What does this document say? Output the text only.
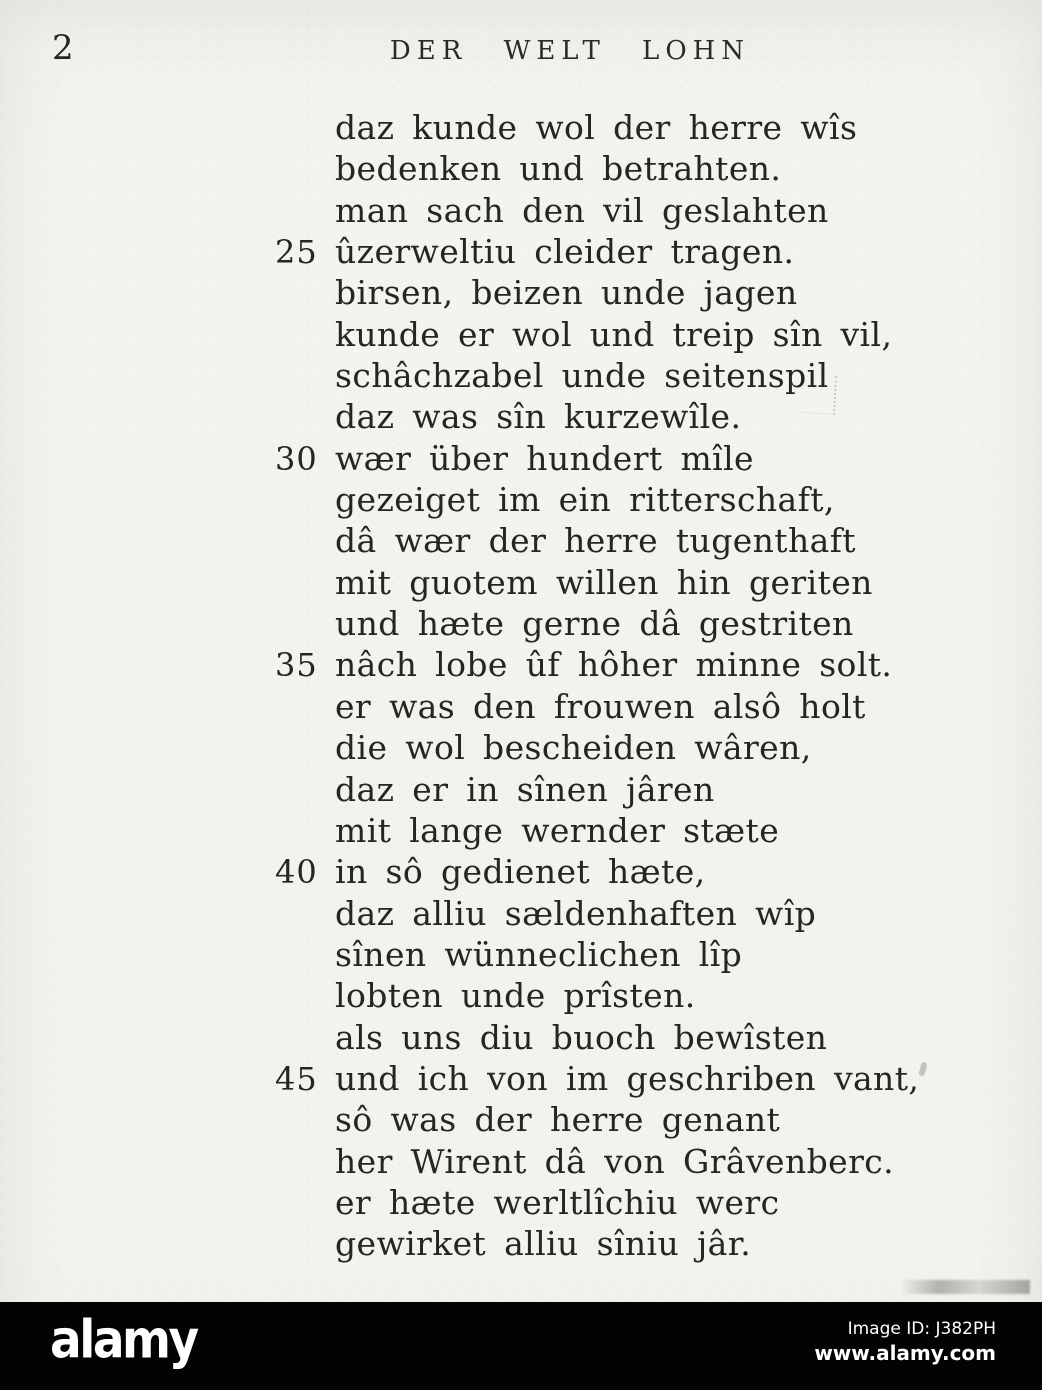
2	DER WELT LOHN
daz kunde wol der herre wîs
bedenken und betrahten.
man sach den vil geslahten
25 ûzerweltiu cleider tragen.
birsen, beizen unde jagen
kunde er wol und treip sîn vil,
schâchzabel unde seitenspil
daz was sîn kurzewîle.
30 wær über hundert mîle
gezeiget im ein ritterschaft,
dâ wær der herre tugenthaft
mit guotem willen hin geriten
und hæte gerne dâ gestriten
35 nâch lobe ûf hôher minne solt.
er was den frouwen alsô holt
die wol bescheiden wâren,
daz er in sînen jâren
mit lange wernder stæte
40 in sô gedienet hæte,
daz alliu sældenhaften wîp
sînen wünneclichen lîp
lobten unde prîsten.
als uns diu buoch bewîsten
45 und ich von im geschriben vant,
sô was der herre genant
her Wirent dâ von Grâvenberc.
er hæte werltlîchiu werc
gewirket alliu sîniu jâr.
alamy	Image ID: J382PH
www.alamy.com
